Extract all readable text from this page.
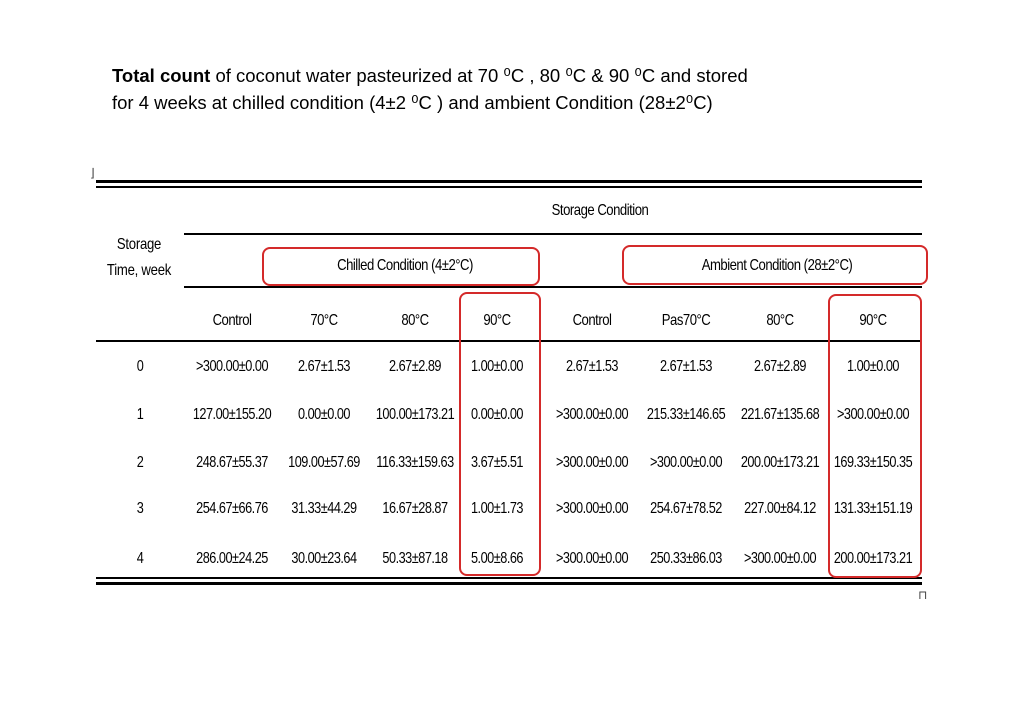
Total count of coconut water pasteurized at 70 ⁰C , 80 ⁰C & 90 ⁰C and stored
for 4 weeks at chilled condition (4±2 ⁰C ) and ambient Condition (28±2⁰C)
⌋
⊓
Storage
Time, week
Storage Condition
Chilled Condition (4±2°C)	Ambient Condition (28±2°C)
Control	70°C	80°C	90°C	Control	Pas70°C	80°C	90°C
0	>300.00±0.00 2.67±1.53	2.67±2.89 1.00±0.00	2.67±1.53	2.67±1.53	2.67±2.89	1.00±0.00
1	127.00±155.20 0.00±0.00 100.00±173.21 0.00±0.00 >300.00±0.00 215.33±146.65 221.67±135.68 >300.00±0.00
2	248.67±55.37 109.00±57.69 116.33±159.63 3.67±5.51 >300.00±0.00 >300.00±0.00 200.00±173.21 169.33±150.35
3	254.67±66.76 31.33±44.29 16.67±28.87 1.00±1.73 >300.00±0.00 254.67±78.52 227.00±84.12 131.33±151.19
4	286.00±24.25 30.00±23.64 50.33±87.18 5.00±8.66 >300.00±0.00 250.33±86.03 >300.00±0.00 200.00±173.21
